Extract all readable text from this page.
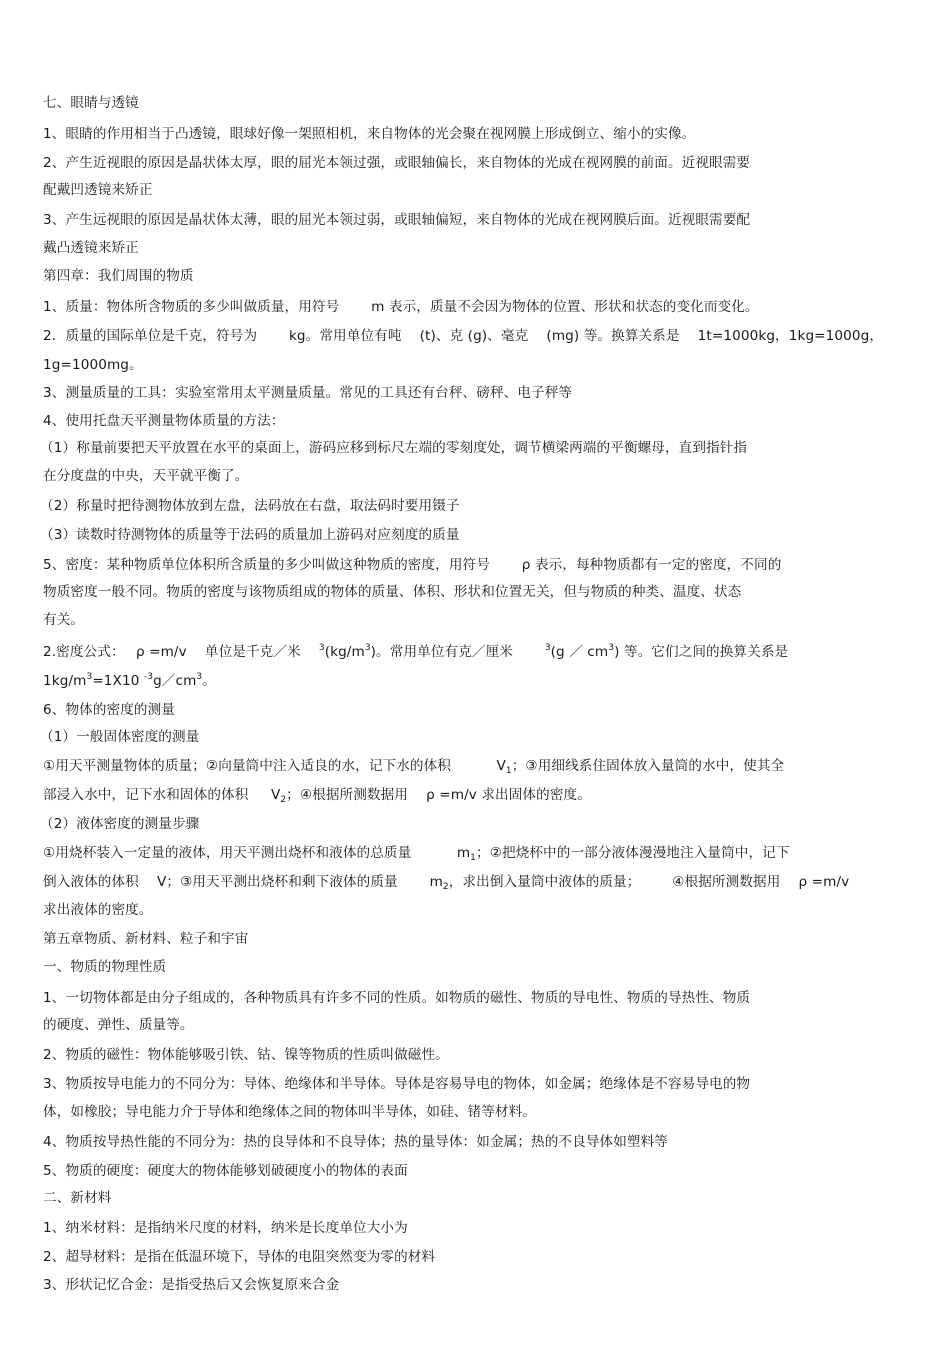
七、眼睛与透镜
1、眼睛的作用相当于凸透镜，眼球好像一架照相机，来自物体的光会聚在视网膜上形成倒立、缩小的实像。
2、产生近视眼的原因是晶状体太厚，眼的屈光本领过强，或眼轴偏长，来自物体的光成在视网膜的前面。近视眼需要
配戴凹透镜来矫正
3、产生远视眼的原因是晶状体太薄，眼的屈光本领过弱，或眼轴偏短，来自物体的光成在视网膜后面。近视眼需要配
戴凸透镜来矫正
第四章：我们周围的物质
1、质量：物体所含物质的多少叫做质量，用符号 　　m 表示，质量不会因为物体的位置、形状和状态的变化而变化。
2．质量的国际单位是千克，符号为 　　kg。常用单位有吨 　(t)、克 (g)、毫克 　(mg) 等。换算关系是 　1t=1000kg，1kg=1000g，
1g=1000mg。
3、测量质量的工具：实验室常用太平测量质量。常见的工具还有台秤、磅秤、电子秤等
4、使用托盘天平测量物体质量的方法：
（1）称量前要把天平放置在水平的桌面上，游码应移到标尺左端的零刻度处，调节横梁两端的平衡螺母，直到指针指
在分度盘的中央，天平就平衡了。
（2）称量时把待测物体放到左盘，法码放在右盘，取法码时要用镊子
（3）读数时待测物体的质量等于法码的质量加上游码对应刻度的质量
5、密度：某种物质单位体积所含质量的多少叫做这种物质的密度，用符号 　　ρ 表示，每种物质都有一定的密度，不同的
物质密度一般不同。物质的密度与该物质组成的物体的质量、体积、形状和位置无关，但与物质的种类、温度、状态
有关。
2.密度公式：　 ρ =m/v　 单位是千克／米 　$^3(kg/m^3)$。常用单位有克／厘米 　　$^3$(g ／ $cm^3$) 等。它们之间的换算关系是
$1kg/m^3=1X10$ $^{-3}g/cm^3$。
6、物体的密度的测量
（1）一般固体密度的测量
①用天平测量物体的质量；②向量筒中注入适良的水，记下水的体积 　　　$V_1$；③用细线系住固体放入量筒的水中，使其全
部浸入水中，记下水和固体的体积 　 $V_2$；④根据所测数据用 　ρ =m/v 求出固体的密度。
（2）液体密度的测量步骤
①用烧杯装入一定量的液体，用天平测出烧杯和液体的总质量 　　　$m_1$；②把烧杯中的一部分液体漫漫地注入量筒中，记下
倒入液体的体积 　V；③用天平测出烧杯和剩下液体的质量 　　$m_2$，求出倒入量筒中液体的质量； 　　④根据所测数据用 　ρ =m/v
求出液体的密度。
第五章物质、新材料、粒子和宇宙
一、物质的物理性质
1、一切物体都是由分子组成的，各种物质具有许多不同的性质。如物质的磁性、物质的导电性、物质的导热性、物质
的硬度、弹性、质量等。
2、物质的磁性：物体能够吸引铁、钴、镍等物质的性质叫做磁性。
3、物质按导电能力的不同分为：导体、绝缘体和半导体。导体是容易导电的物体，如金属；绝缘体是不容易导电的物
体，如橡胶；导电能力介于导体和绝缘体之间的物体叫半导体，如硅、锗等材料。
4、物质按导热性能的不同分为：热的良导体和不良导体；热的量导体：如金属；热的不良导体如塑料等
5、物质的硬度：硬度大的物体能够划破硬度小的物体的表面
二、新材料
1、纳米材料：是指纳米尺度的材料，纳米是长度单位大小为
2、超导材料：是指在低温环境下，导体的电阻突然变为零的材料
3、形状记忆合金：是指受热后又会恢复原来合金
